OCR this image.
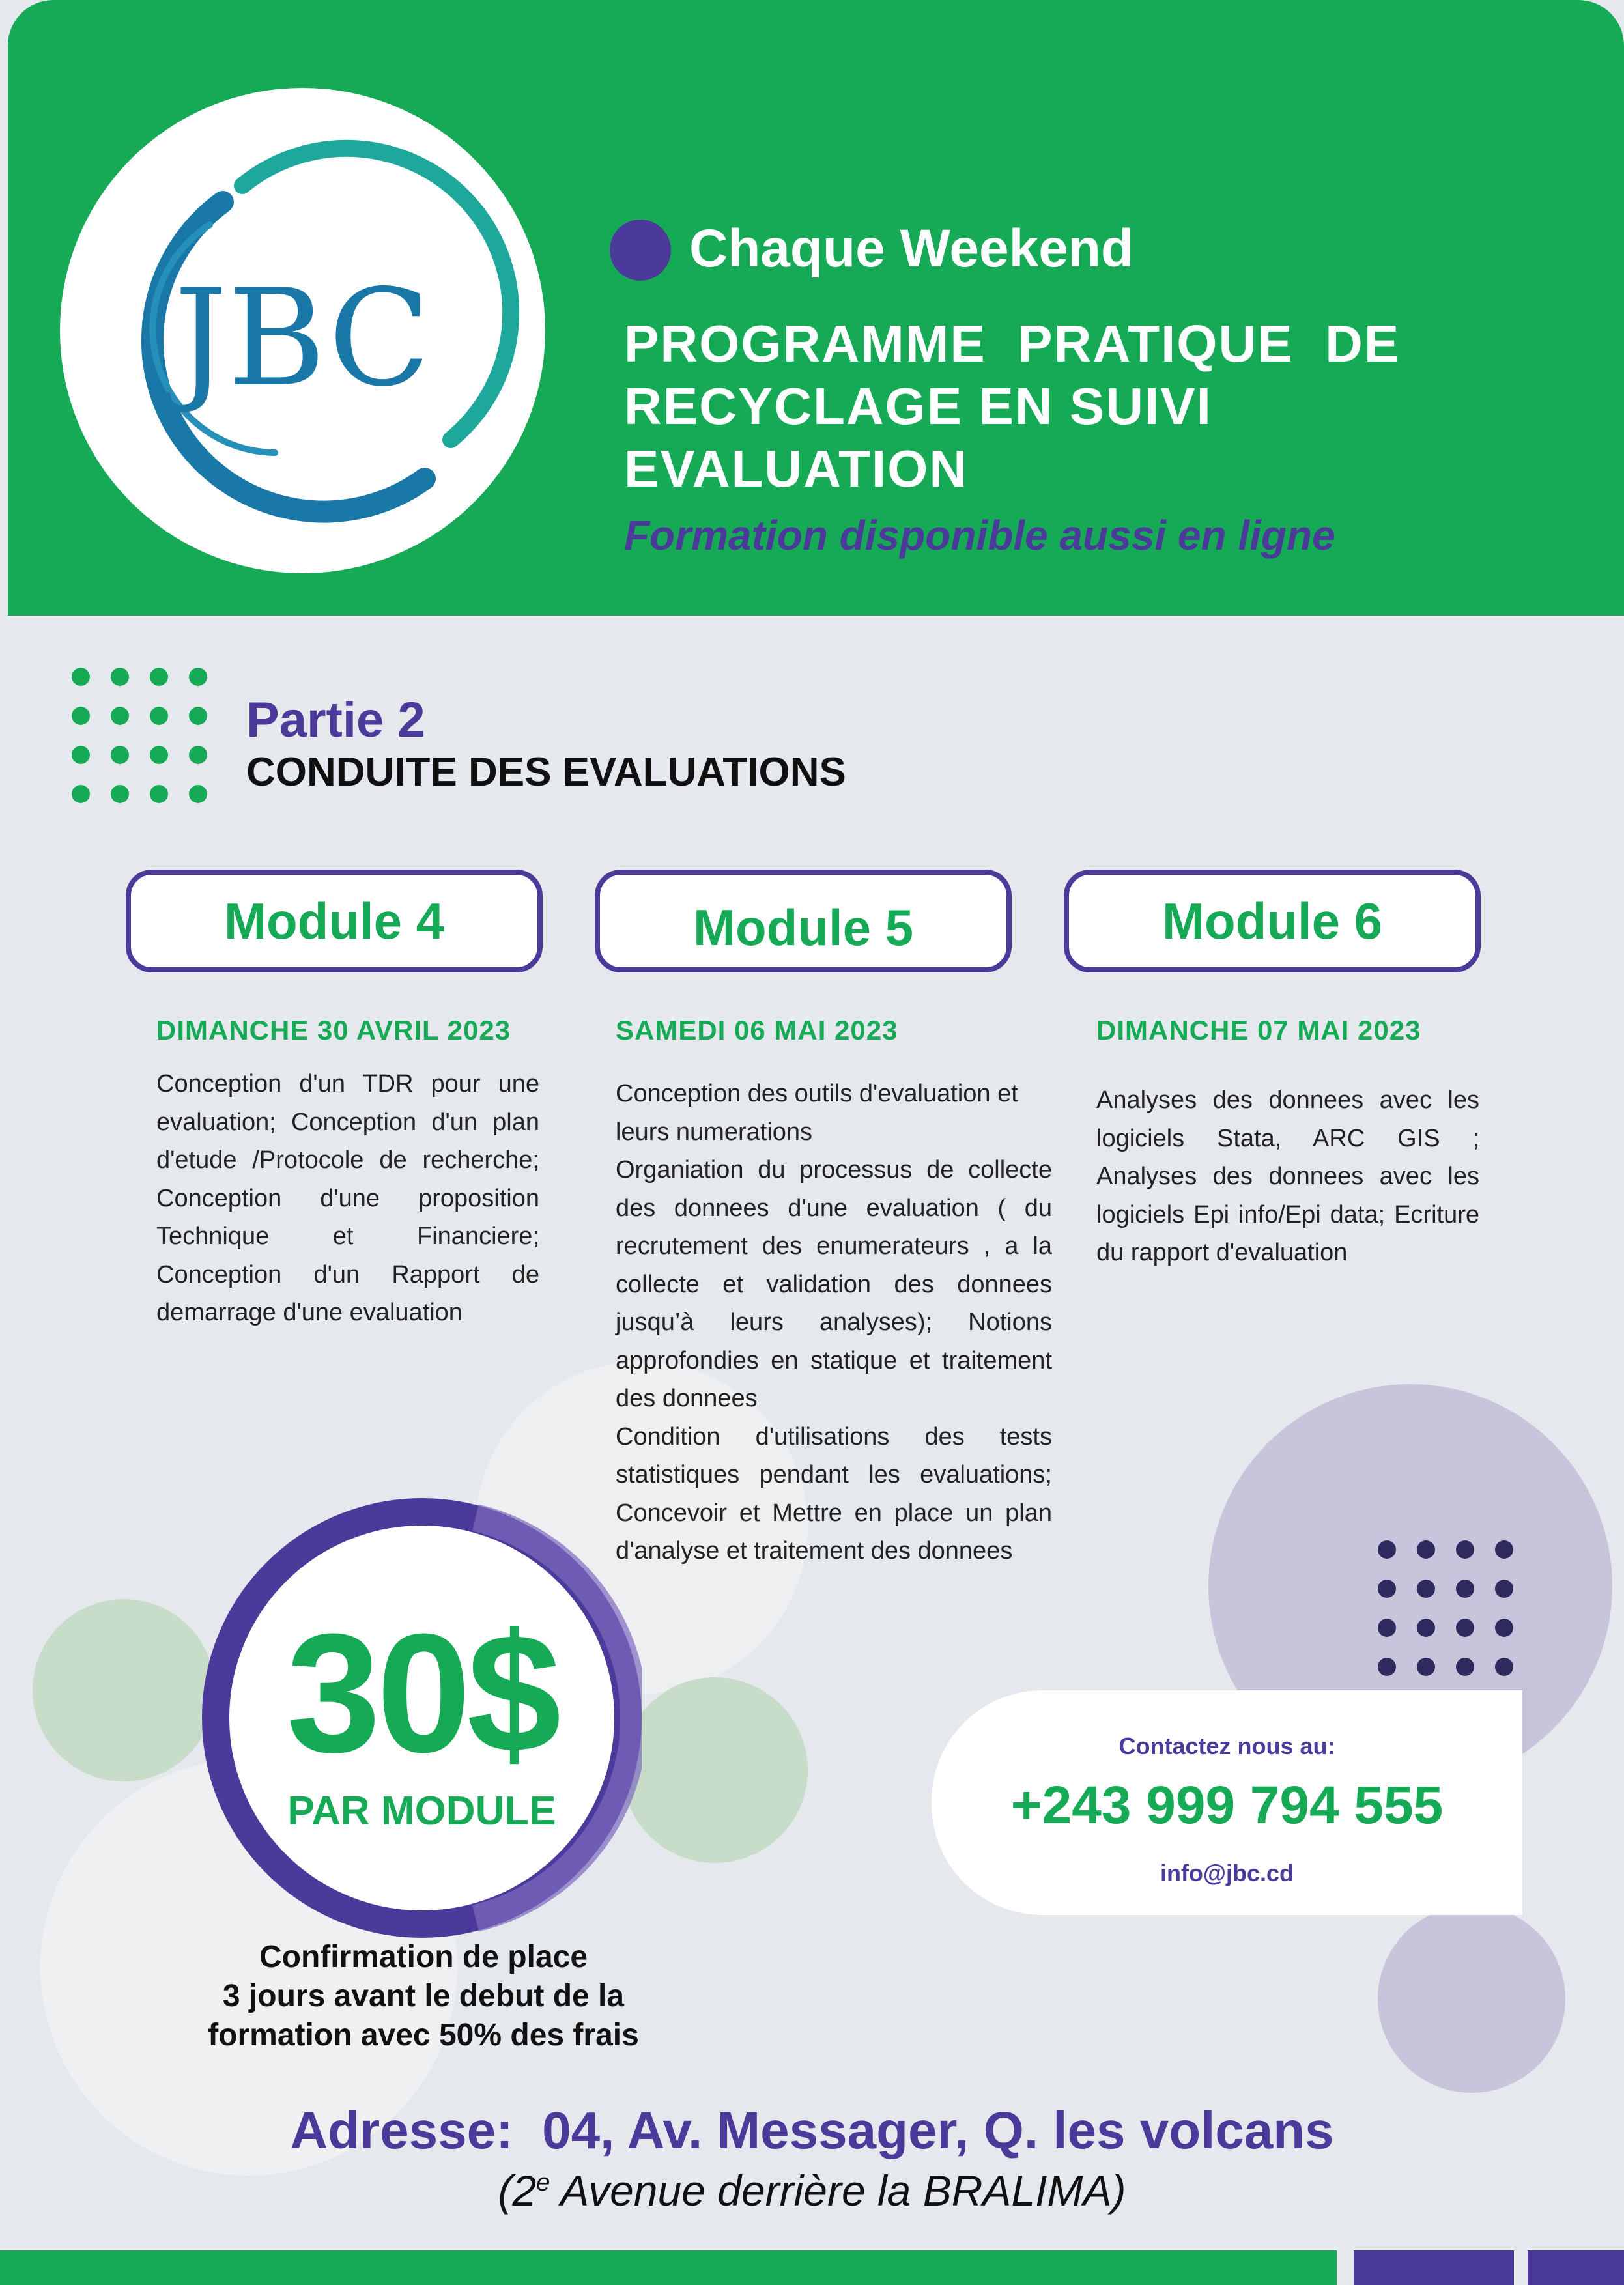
JBC
Chaque Weekend
PROGRAMME  PRATIQUE  DE
RECYCLAGE EN SUIVI
EVALUATION
Formation disponible aussi en ligne
Partie 2
CONDUITE DES EVALUATIONS
Module 4	Module 5	Module 6
DIMANCHE 30 AVRIL 2023	SAMEDI 06 MAI 2023	DIMANCHE 07 MAI 2023
Conception d'un TDR pour une evaluation; Conception d'un plan d'etude /Protocole de recherche; Conception d'une proposition Technique et Financiere; Conception d'un Rapport de demarrage d'une evaluation
Conception des outils d'evaluation et leurs numerations
Organiation du processus de collecte des donnees d'une evaluation ( du recrutement des enumerateurs , a la collecte et validation des donnees jusqu’à leurs analyses); Notions approfondies en statique et traitement des donnees
Condition d'utilisations des tests statistiques pendant les evaluations; Concevoir et Mettre en place un plan d'analyse et traitement des donnees
Analyses des donnees avec les logiciels Stata, ARC GIS ; Analyses des donnees avec les logiciels Epi info/Epi data; Ecriture du rapport d'evaluation
30$
PAR MODULE
Confirmation de place
3 jours avant le debut de la
formation avec 50% des frais
Contactez nous au:
+243 999 794 555
info@jbc.cd
Adresse:  04, Av. Messager, Q. les volcans
(2e Avenue derrière la BRALIMA)
